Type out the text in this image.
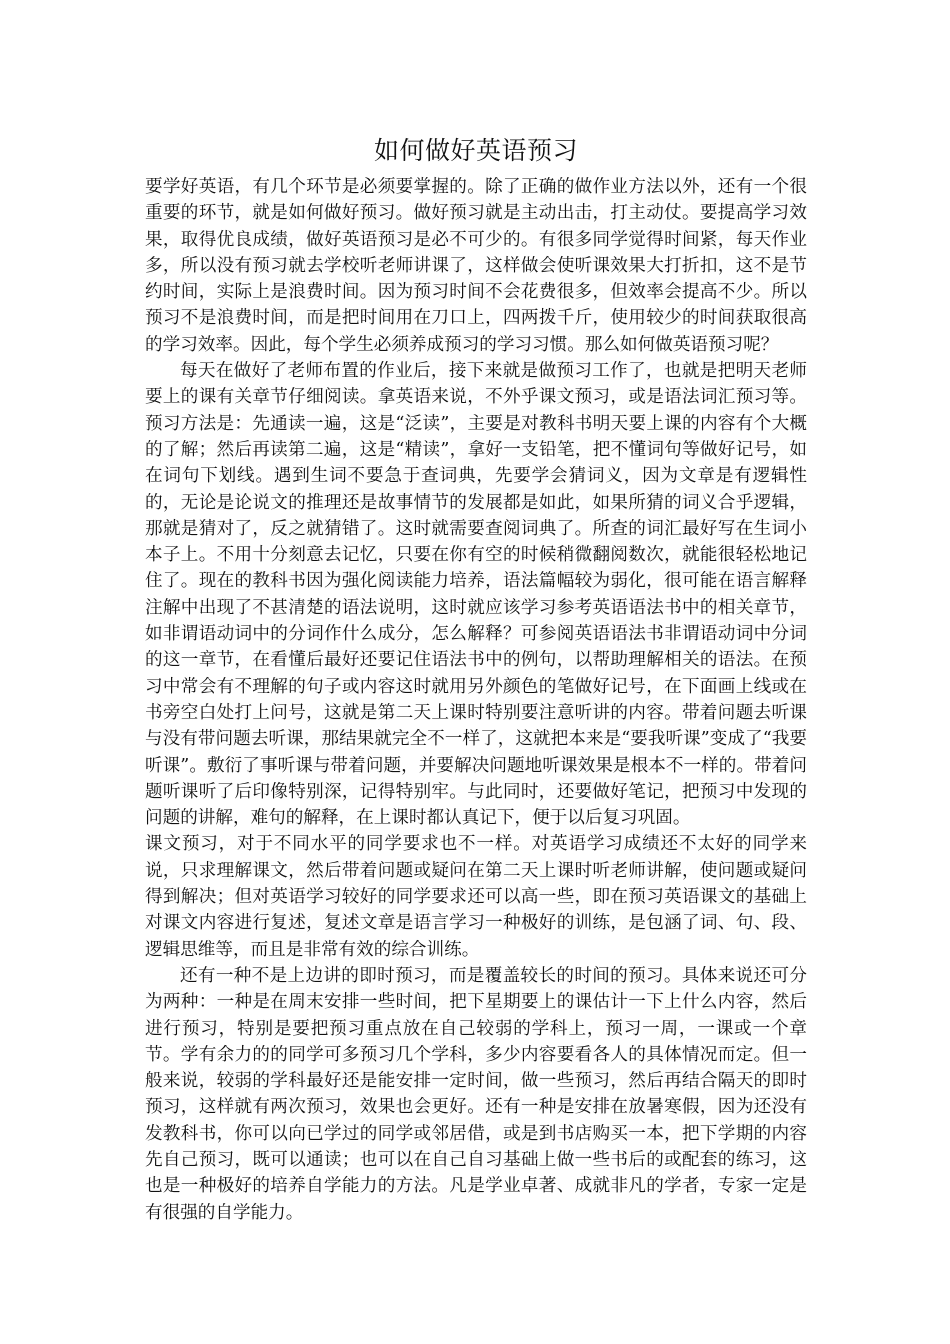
如何做好英语预习

要学好英语，有几个环节是必须要掌握的。除了正确的做作业方法以外，还有一个很重要的环节，就是如何做好预习。做好预习就是主动出击，打主动仗。要提高学习效果，取得优良成绩，做好英语预习是必不可少的。有很多同学觉得时间紧，每天作业多，所以没有预习就去学校听老师讲课了，这样做会使听课效果大打折扣，这不是节约时间，实际上是浪费时间。因为预习时间不会花费很多，但效率会提高不少。所以预习不是浪费时间，而是把时间用在刀口上，四两拨千斤，使用较少的时间获取很高的学习效率。因此，每个学生必须养成预习的学习习惯。那么如何做英语预习呢？

每天在做好了老师布置的作业后，接下来就是做预习工作了，也就是把明天老师要上的课有关章节仔细阅读。拿英语来说，不外乎课文预习，或是语法词汇预习等。预习方法是：先通读一遍，这是“泛读”，主要是对教科书明天要上课的内容有个大概的了解；然后再读第二遍，这是“精读”，拿好一支铅笔，把不懂词句等做好记号，如在词句下划线。遇到生词不要急于查词典，先要学会猜词义，因为文章是有逻辑性的，无论是论说文的推理还是故事情节的发展都是如此，如果所猜的词义合乎逻辑，那就是猜对了，反之就猜错了。这时就需要查阅词典了。所查的词汇最好写在生词小本子上。不用十分刻意去记忆，只要在你有空的时候稍微翻阅数次，就能很轻松地记住了。现在的教科书因为强化阅读能力培养，语法篇幅较为弱化，很可能在语言解释注解中出现了不甚清楚的语法说明，这时就应该学习参考英语语法书中的相关章节，如非谓语动词中的分词作什么成分，怎么解释？可参阅英语语法书非谓语动词中分词的这一章节，在看懂后最好还要记住语法书中的例句，以帮助理解相关的语法。在预习中常会有不理解的句子或内容这时就用另外颜色的笔做好记号，在下面画上线或在书旁空白处打上问号，这就是第二天上课时特别要注意听讲的内容。带着问题去听课与没有带问题去听课，那结果就完全不一样了，这就把本来是“要我听课”变成了“我要听课”。敷衍了事听课与带着问题，并要解决问题地听课效果是根本不一样的。带着问题听课听了后印像特别深，记得特别牢。与此同时，还要做好笔记，把预习中发现的问题的讲解，难句的解释，在上课时都认真记下，便于以后复习巩固。

课文预习，对于不同水平的同学要求也不一样。对英语学习成绩还不太好的同学来说，只求理解课文，然后带着问题或疑问在第二天上课时听老师讲解，使问题或疑问得到解决；但对英语学习较好的同学要求还可以高一些，即在预习英语课文的基础上对课文内容进行复述，复述文章是语言学习一种极好的训练，是包涵了词、句、段、逻辑思维等，而且是非常有效的综合训练。

还有一种不是上边讲的即时预习，而是覆盖较长的时间的预习。具体来说还可分为两种：一种是在周末安排一些时间，把下星期要上的课估计一下上什么内容，然后进行预习，特别是要把预习重点放在自己较弱的学科上，预习一周，一课或一个章节。学有余力的的同学可多预习几个学科，多少内容要看各人的具体情况而定。但一般来说，较弱的学科最好还是能安排一定时间，做一些预习，然后再结合隔天的即时预习，这样就有两次预习，效果也会更好。还有一种是安排在放暑寒假，因为还没有发教科书，你可以向已学过的同学或邻居借，或是到书店购买一本，把下学期的内容先自己预习，既可以通读；也可以在自己自习基础上做一些书后的或配套的练习，这也是一种极好的培养自学能力的方法。凡是学业卓著、成就非凡的学者，专家一定是有很强的自学能力。
